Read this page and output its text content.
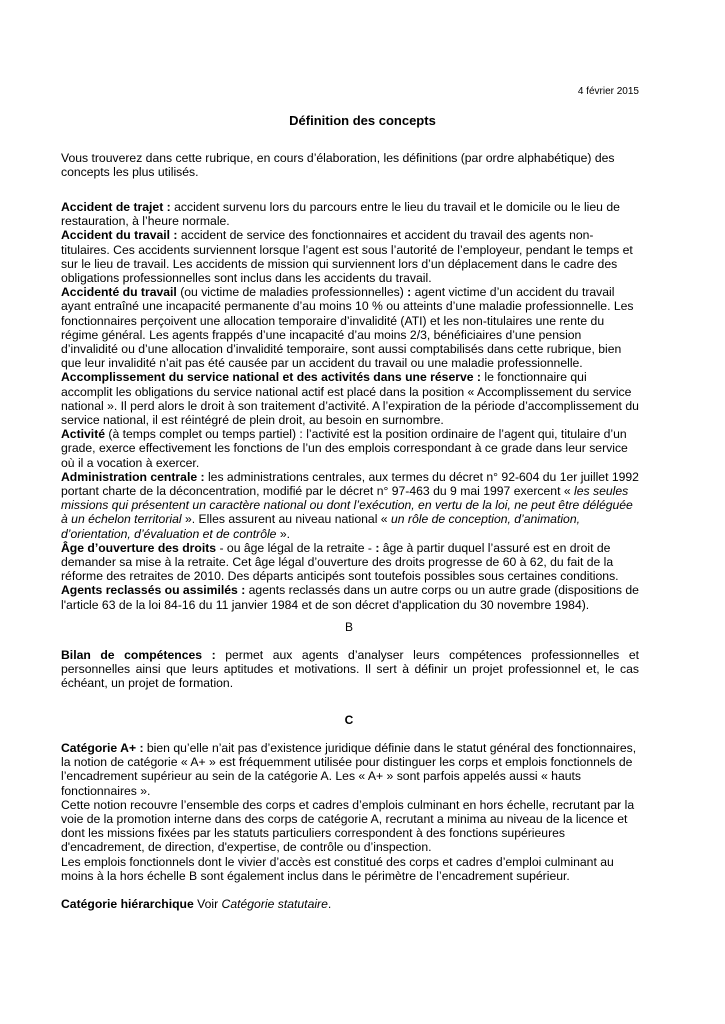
4 février 2015
Définition des concepts

Vous trouverez dans cette rubrique, en cours d’élaboration, les définitions (par ordre alphabétique) des concepts les plus utilisés.

Accident de trajet : accident survenu lors du parcours entre le lieu du travail et le domicile ou le lieu de restauration, à l’heure normale.

Accident du travail : accident de service des fonctionnaires et accident du travail des agents non-titulaires. Ces accidents surviennent lorsque l’agent est sous l’autorité de l’employeur, pendant le temps et sur le lieu de travail. Les accidents de mission qui surviennent lors d’un déplacement dans le cadre des obligations professionnelles sont inclus dans les accidents du travail.

Accidenté du travail (ou victime de maladies professionnelles) : agent victime d’un accident du travail ayant entraîné une incapacité permanente d’au moins 10 % ou atteints d’une maladie professionnelle. Les fonctionnaires perçoivent une allocation temporaire d’invalidité (ATI) et les non-titulaires une rente du régime général. Les agents frappés d’une incapacité d’au moins 2/3, bénéficiaires d’une pension d’invalidité ou d’une allocation d’invalidité temporaire, sont aussi comptabilisés dans cette rubrique, bien que leur invalidité n’ait pas été causée par un accident du travail ou une maladie professionnelle.

Accomplissement du service national et des activités dans une réserve : le fonctionnaire qui accomplit les obligations du service national actif est placé dans la position « Accomplissement du service national ». Il perd alors le droit à son traitement d’activité. A l’expiration de la période d’accomplissement du service national, il est réintégré de plein droit, au besoin en surnombre.

Activité (à temps complet ou temps partiel) : l’activité est la position ordinaire de l’agent qui, titulaire d’un grade, exerce effectivement les fonctions de l’un des emplois correspondant à ce grade dans leur service où il a vocation à exercer.

Administration centrale : les administrations centrales, aux termes du décret n° 92-604 du 1er juillet 1992 portant charte de la déconcentration, modifié par le décret n° 97-463 du 9 mai 1997 exercent « les seules missions qui présentent un caractère national ou dont l’exécution, en vertu de la loi, ne peut être déléguée à un échelon territorial ». Elles assurent au niveau national « un rôle de conception, d’animation, d’orientation, d’évaluation et de contrôle ».

Âge d’ouverture des droits - ou âge légal de la retraite - : âge à partir duquel l’assuré est en droit de demander sa mise à la retraite. Cet âge légal d’ouverture des droits progresse de 60 à 62, du fait de la réforme des retraites de 2010. Des départs anticipés sont toutefois possibles sous certaines conditions.

Agents reclassés ou assimilés : agents reclassés dans un autre corps ou un autre grade (dispositions de l'article 63 de la loi 84-16 du 11 janvier 1984 et de son décret d'application du 30 novembre 1984).

B

Bilan de compétences : permet aux agents d’analyser leurs compétences professionnelles et personnelles ainsi que leurs aptitudes et motivations. Il sert à définir un projet professionnel et, le cas échéant, un projet de formation.

C

Catégorie A+ : bien qu’elle n’ait pas d’existence juridique définie dans le statut général des fonctionnaires, la notion de catégorie « A+ » est fréquemment utilisée pour distinguer les corps et emplois fonctionnels de l’encadrement supérieur au sein de la catégorie A. Les « A+ » sont parfois appelés aussi « hauts fonctionnaires ».

Cette notion recouvre l’ensemble des corps et cadres d’emplois culminant en hors échelle, recrutant par la voie de la promotion interne dans des corps de catégorie A, recrutant a minima au niveau de la licence et dont les missions fixées par les statuts particuliers correspondent à des fonctions supérieures d'encadrement, de direction, d'expertise, de contrôle ou d’inspection.

Les emplois fonctionnels dont le vivier d’accès est constitué des corps et cadres d’emploi culminant au moins à la hors échelle B sont également inclus dans le périmètre de l’encadrement supérieur.

Catégorie hiérarchique Voir Catégorie statutaire.
